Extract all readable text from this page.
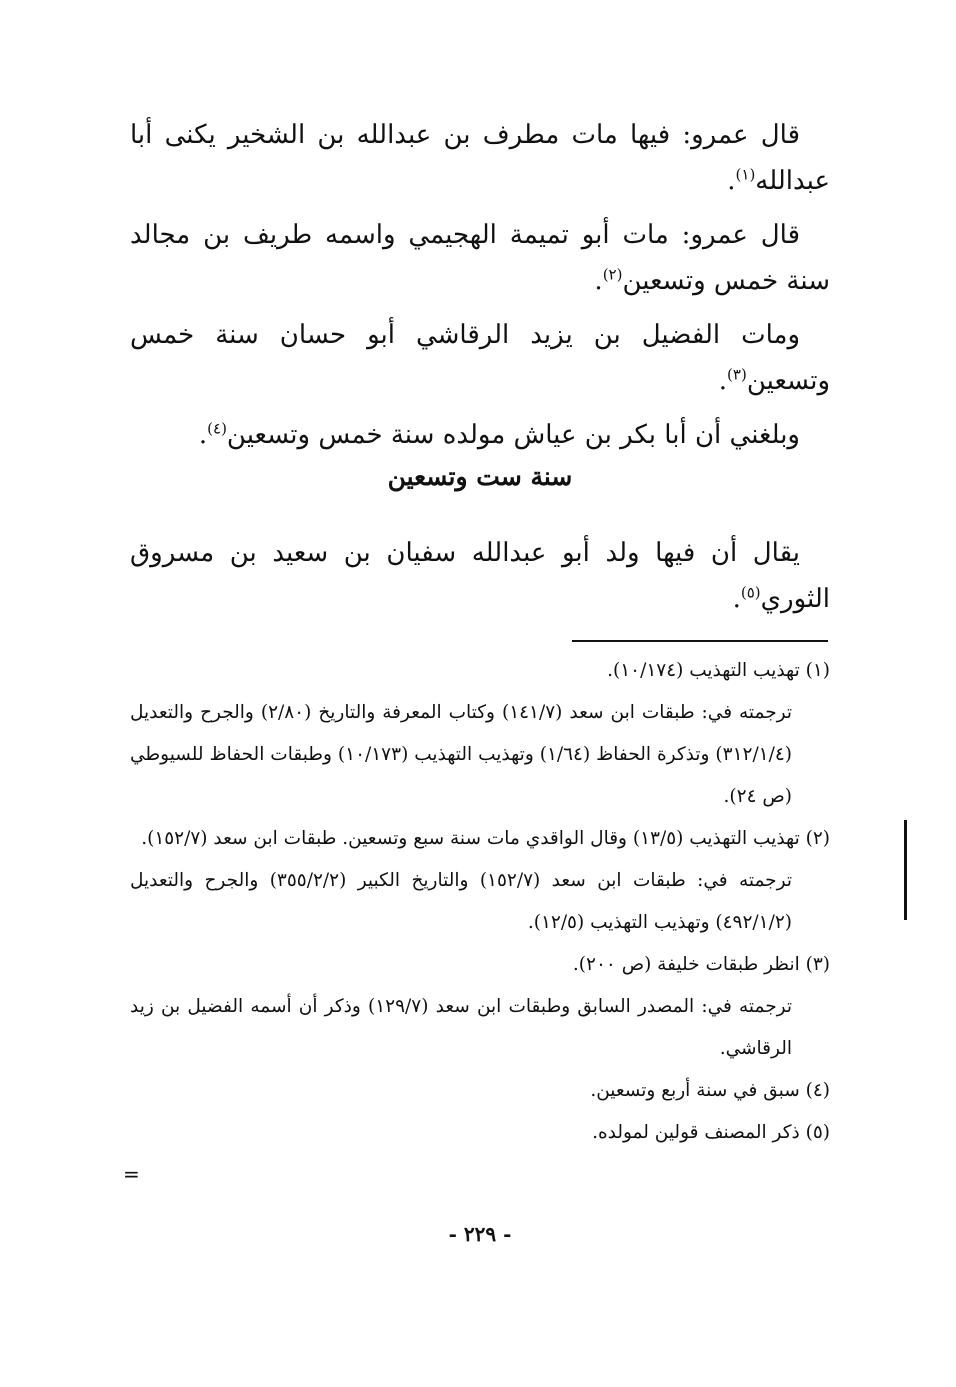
قال عمرو: فيها مات مطرف بن عبدالله بن الشخير يكنى أبا عبدالله$^{(١)}$.

قال عمرو: مات أبو تميمة الهجيمي واسمه طريف بن مجالد سنة خمس وتسعين$^{(٢)}$.

ومات الفضيل بن يزيد الرقاشي أبو حسان سنة خمس وتسعين$^{(٣)}$.

وبلغني أن أبا بكر بن عياش مولده سنة خمس وتسعين$^{(٤)}$.

سنة ست وتسعين

يقال أن فيها ولد أبو عبدالله سفيان بن سعيد بن مسروق الثوري$^{(٥)}$.

(١) تهذيب التهذيب (١٠/١٧٤).

ترجمته في: طبقات ابن سعد (١٤١/٧) وكتاب المعرفة والتاريخ (٢/٨٠) والجرح والتعديل (٣١٢/١/٤) وتذكرة الحفاظ (١/٦٤) وتهذيب التهذيب (١٠/١٧٣) وطبقات الحفاظ للسيوطي (ص ٢٤).

(٢) تهذيب التهذيب (١٣/٥) وقال الواقدي مات سنة سبع وتسعين. طبقات ابن سعد (١٥٢/٧).

ترجمته في: طبقات ابن سعد (١٥٢/٧) والتاريخ الكبير (٣٥٥/٢/٢) والجرح والتعديل (٤٩٢/١/٢) وتهذيب التهذيب (١٢/٥).

(٣) انظر طبقات خليفة (ص ٢٠٠).

ترجمته في: المصدر السابق وطبقات ابن سعد (١٢٩/٧) وذكر أن أسمه الفضيل بن زيد الرقاشي.

(٤) سبق في سنة أربع وتسعين.

(٥) ذكر المصنف قولين لمولده.

=
- ٢٢٩ -
